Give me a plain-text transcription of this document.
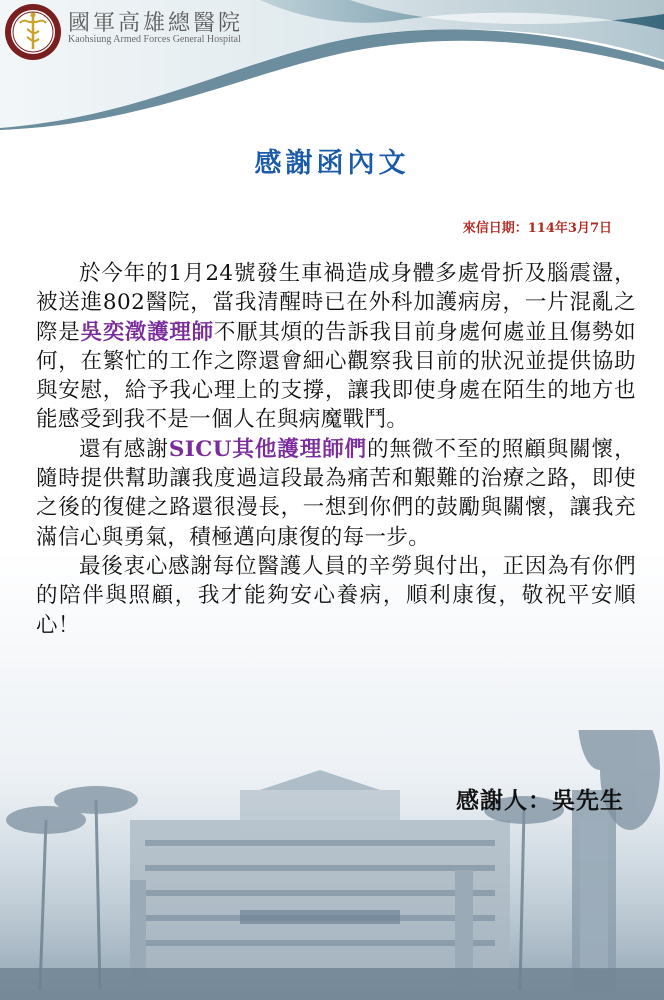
國軍高雄總醫院
Kaohsiung Armed Forces General Hospital
感謝函內文
來信日期：114年3月7日

於今年的1月24號發生車禍造成身體多處骨折及腦震盪，被送進802醫院，當我清醒時已在外科加護病房，一片混亂之際是吳奕澂護理師不厭其煩的告訴我目前身處何處並且傷勢如何，在繁忙的工作之際還會細心觀察我目前的狀況並提供協助與安慰，給予我心理上的支撐，讓我即使身處在陌生的地方也能感受到我不是一個人在與病魔戰鬥。

還有感謝SICU其他護理師們的無微不至的照顧與關懷，隨時提供幫助讓我度過這段最為痛苦和艱難的治療之路，即使之後的復健之路還很漫長，一想到你們的鼓勵與關懷，讓我充滿信心與勇氣，積極邁向康復的每一步。

最後衷心感謝每位醫護人員的辛勞與付出，正因為有你們的陪伴與照顧，我才能夠安心養病，順利康復，敬祝平安順心！

感謝人：吳先生
